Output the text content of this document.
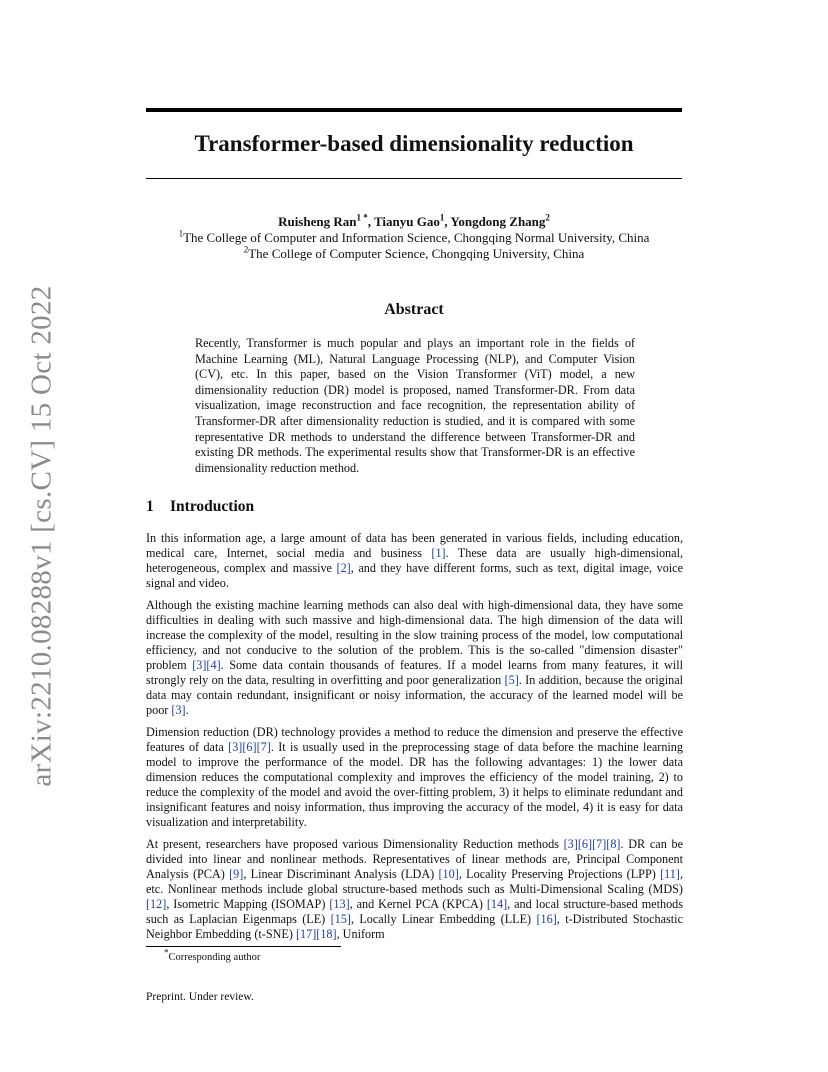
arXiv:2210.08288v1 [cs.CV] 15 Oct 2022
Transformer-based dimensionality reduction
Ruisheng Ran$^{1 *}$, Tianyu Gao$^1$, Yongdong Zhang$^2$
$^1$The College of Computer and Information Science, Chongqing Normal University, China
$^2$The College of Computer Science, Chongqing University, China
Abstract
Recently, Transformer is much popular and plays an important role in the fields of Machine Learning (ML), Natural Language Processing (NLP), and Computer Vision (CV), etc. In this paper, based on the Vision Transformer (ViT) model, a new dimensionality reduction (DR) model is proposed, named Transformer-DR. From data visualization, image reconstruction and face recognition, the representation ability of Transformer-DR after dimensionality reduction is studied, and it is compared with some representative DR methods to understand the difference between Transformer-DR and existing DR methods. The experimental results show that Transformer-DR is an effective dimensionality reduction method.
1 Introduction

In this information age, a large amount of data has been generated in various fields, including education, medical care, Internet, social media and business [1]. These data are usually high-dimensional, heterogeneous, complex and massive [2], and they have different forms, such as text, digital image, voice signal and video.

Although the existing machine learning methods can also deal with high-dimensional data, they have some difficulties in dealing with such massive and high-dimensional data. The high dimension of the data will increase the complexity of the model, resulting in the slow training process of the model, low computational efficiency, and not conducive to the solution of the problem. This is the so-called "dimension disaster" problem [3][4]. Some data contain thousands of features. If a model learns from many features, it will strongly rely on the data, resulting in overfitting and poor generalization [5]. In addition, because the original data may contain redundant, insignificant or noisy information, the accuracy of the learned model will be poor [3].

Dimension reduction (DR) technology provides a method to reduce the dimension and preserve the effective features of data [3][6][7]. It is usually used in the preprocessing stage of data before the machine learning model to improve the performance of the model. DR has the following advantages: 1) the lower data dimension reduces the computational complexity and improves the efficiency of the model training, 2) to reduce the complexity of the model and avoid the over-fitting problem, 3) it helps to eliminate redundant and insignificant features and noisy information, thus improving the accuracy of the model, 4) it is easy for data visualization and interpretability.

At present, researchers have proposed various Dimensionality Reduction methods [3][6][7][8]. DR can be divided into linear and nonlinear methods. Representatives of linear methods are, Principal Component Analysis (PCA) [9], Linear Discriminant Analysis (LDA) [10], Locality Preserving Projections (LPP) [11], etc. Nonlinear methods include global structure-based methods such as Multi-Dimensional Scaling (MDS) [12], Isometric Mapping (ISOMAP) [13], and Kernel PCA (KPCA) [14], and local structure-based methods such as Laplacian Eigenmaps (LE) [15], Locally Linear Embedding (LLE) [16], t-Distributed Stochastic Neighbor Embedding (t-SNE) [17][18], Uniform

*Corresponding author
Preprint. Under review.
